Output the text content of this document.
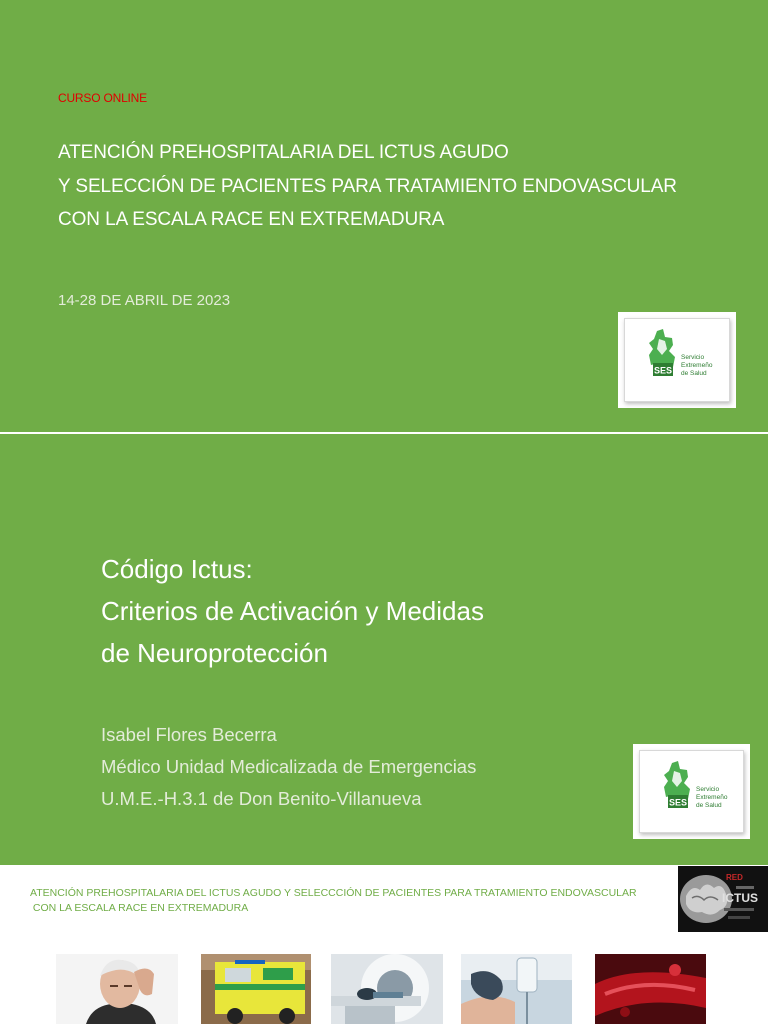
CURSO ONLINE
ATENCIÓN PREHOSPITALARIA DEL ICTUS AGUDO
Y SELECCIÓN DE PACIENTES PARA TRATAMIENTO ENDOVASCULAR
CON LA ESCALA RACE EN EXTREMADURA
14-28 DE ABRIL DE 2023
SES
Servicio
Extremeño
de Salud
Código Ictus:
Criterios de Activación y Medidas
de Neuroprotección
Isabel Flores Becerra
Médico Unidad Medicalizada de Emergencias
U.M.E.-H.3.1 de Don Benito-Villanueva	SES
Servicio
Extremeño
de Salud
ATENCIÓN PREHOSPITALARIA DEL ICTUS AGUDO Y SELECCCIÓN DE PACIENTES PARA TRATAMIENTO ENDOVASCULAR
CON LA ESCALA RACE EN EXTREMADURA
RED
ICTUS
